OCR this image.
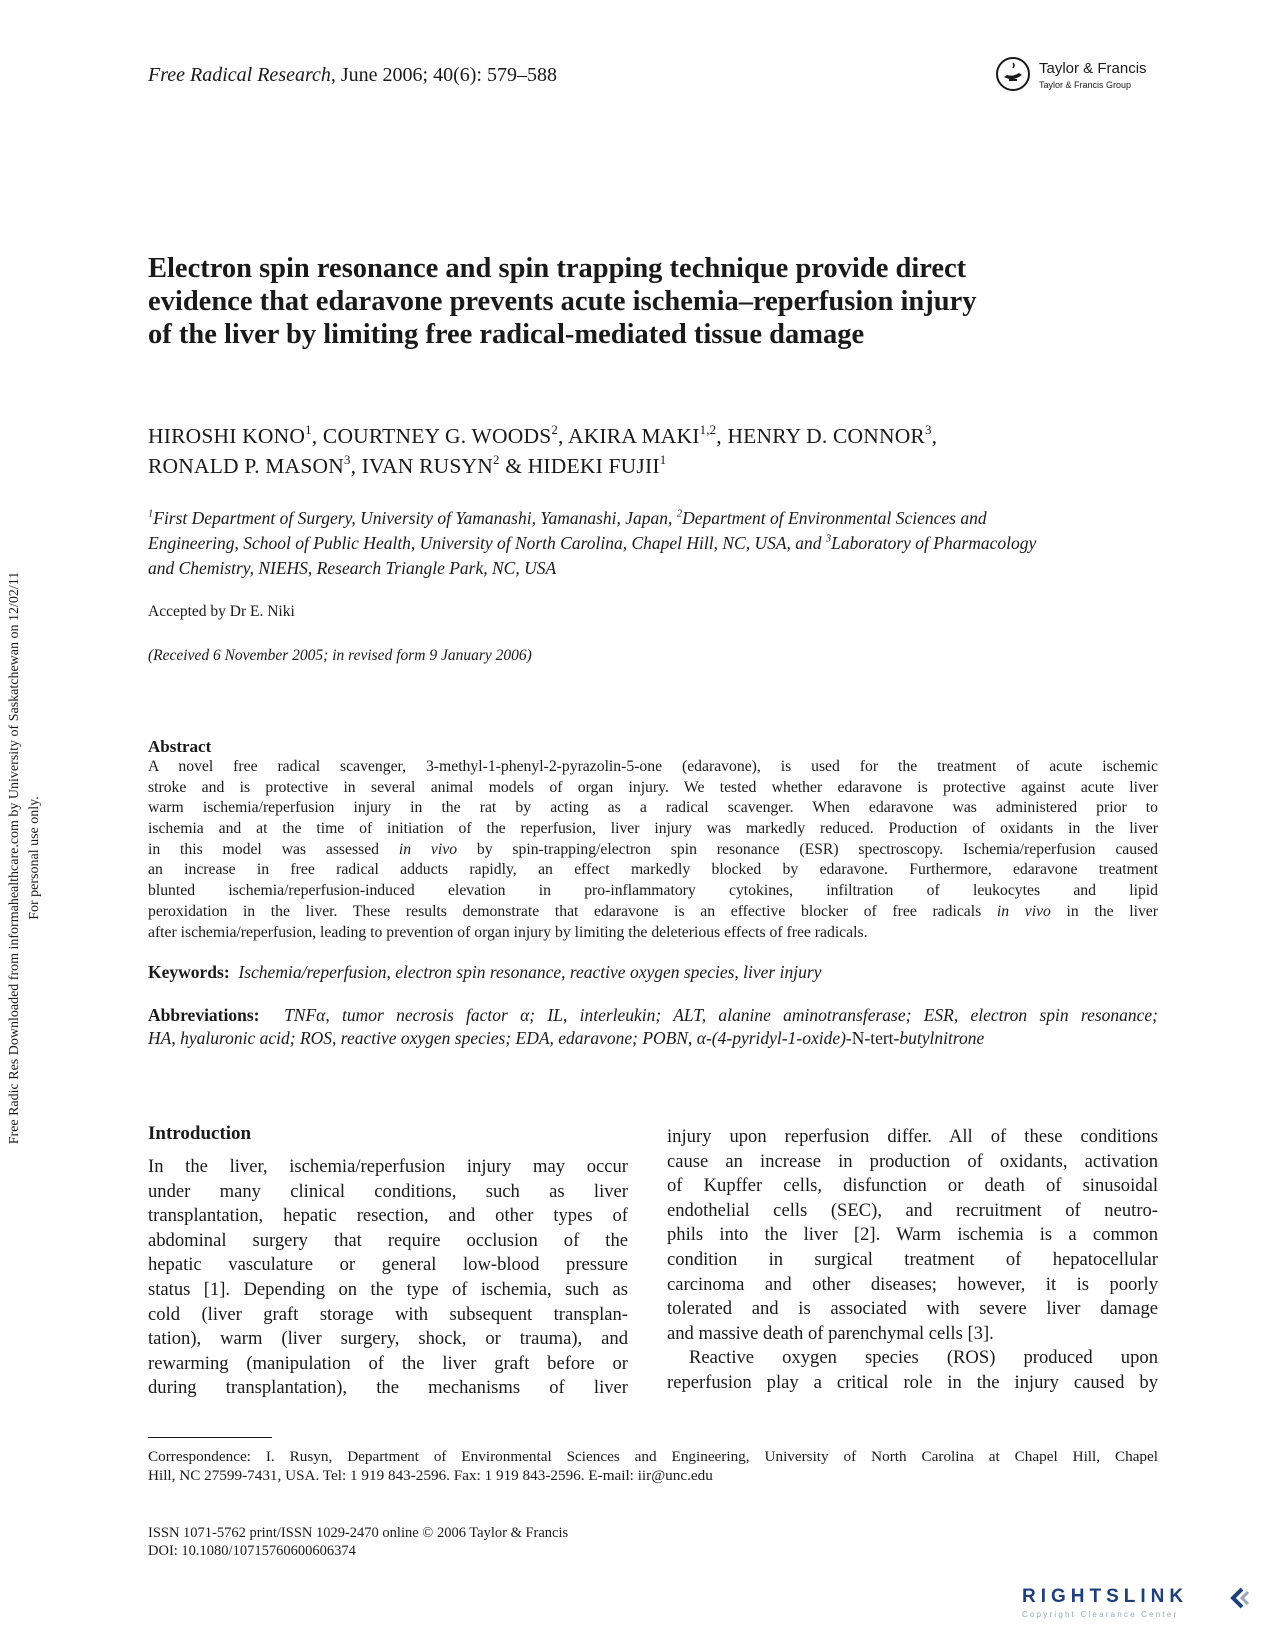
Free Radical Research, June 2006; 40(6): 579–588	Taylor & Francis
Taylor & Francis Group
Electron spin resonance and spin trapping technique provide direct
evidence that edaravone prevents acute ischemia–reperfusion injury
of the liver by limiting free radical-mediated tissue damage
HIROSHI KONO$^1$, COURTNEY G. WOODS$^2$, AKIRA MAKI$^{1,2}$, HENRY D. CONNOR$^3$,
RONALD P. MASON$^3$, IVAN RUSYN$^2$ & HIDEKI FUJII$^1$
$^1$First Department of Surgery, University of Yamanashi, Yamanashi, Japan, $^2$Department of Environmental Sciences and
Engineering, School of Public Health, University of North Carolina, Chapel Hill, NC, USA, and $^3$Laboratory of Pharmacology
and Chemistry, NIEHS, Research Triangle Park, NC, USA
Accepted by Dr E. Niki
(Received 6 November 2005; in revised form 9 January 2006)
Abstract
A novel free radical scavenger, 3-methyl-1-phenyl-2-pyrazolin-5-one (edaravone), is used for the treatment of acute ischemic
stroke and is protective in several animal models of organ injury. We tested whether edaravone is protective against acute liver
warm ischemia/reperfusion injury in the rat by acting as a radical scavenger. When edaravone was administered prior to
ischemia and at the time of initiation of the reperfusion, liver injury was markedly reduced. Production of oxidants in the liver
in this model was assessed in vivo by spin-trapping/electron spin resonance (ESR) spectroscopy. Ischemia/reperfusion caused
an increase in free radical adducts rapidly, an effect markedly blocked by edaravone. Furthermore, edaravone treatment
blunted ischemia/reperfusion-induced elevation in pro-inflammatory cytokines, infiltration of leukocytes and lipid
peroxidation in the liver. These results demonstrate that edaravone is an effective blocker of free radicals in vivo in the liver
after ischemia/reperfusion, leading to prevention of organ injury by limiting the deleterious effects of free radicals.
Keywords: Ischemia/reperfusion, electron spin resonance, reactive oxygen species, liver injury
Abbreviations: TNFα, tumor necrosis factor α; IL, interleukin; ALT, alanine aminotransferase; ESR, electron spin resonance;
HA, hyaluronic acid; ROS, reactive oxygen species; EDA, edaravone; POBN, α-(4-pyridyl-1-oxide)-N-tert-butylnitrone
Introduction
In the liver, ischemia/reperfusion injury may occur
under many clinical conditions, such as liver
transplantation, hepatic resection, and other types of
abdominal surgery that require occlusion of the
hepatic vasculature or general low-blood pressure
status [1]. Depending on the type of ischemia, such as
cold (liver graft storage with subsequent transplan-
tation), warm (liver surgery, shock, or trauma), and
rewarming (manipulation of the liver graft before or
during transplantation), the mechanisms of liver
injury upon reperfusion differ. All of these conditions
cause an increase in production of oxidants, activation
of Kupffer cells, disfunction or death of sinusoidal
endothelial cells (SEC), and recruitment of neutro-
phils into the liver [2]. Warm ischemia is a common
condition in surgical treatment of hepatocellular
carcinoma and other diseases; however, it is poorly
tolerated and is associated with severe liver damage
and massive death of parenchymal cells [3].
Reactive oxygen species (ROS) produced upon
reperfusion play a critical role in the injury caused by
Correspondence: I. Rusyn, Department of Environmental Sciences and Engineering, University of North Carolina at Chapel Hill, Chapel
Hill, NC 27599-7431, USA. Tel: 1 919 843-2596. Fax: 1 919 843-2596. E-mail: iir@unc.edu
ISSN 1071-5762 print/ISSN 1029-2470 online © 2006 Taylor & Francis
DOI: 10.1080/10715760600606374
Free Radic Res Downloaded from informahealthcare.com by University of Saskatchewan on 12/02/11 For personal use only.
RIGHTSLINK
Copyright Clearance Center
